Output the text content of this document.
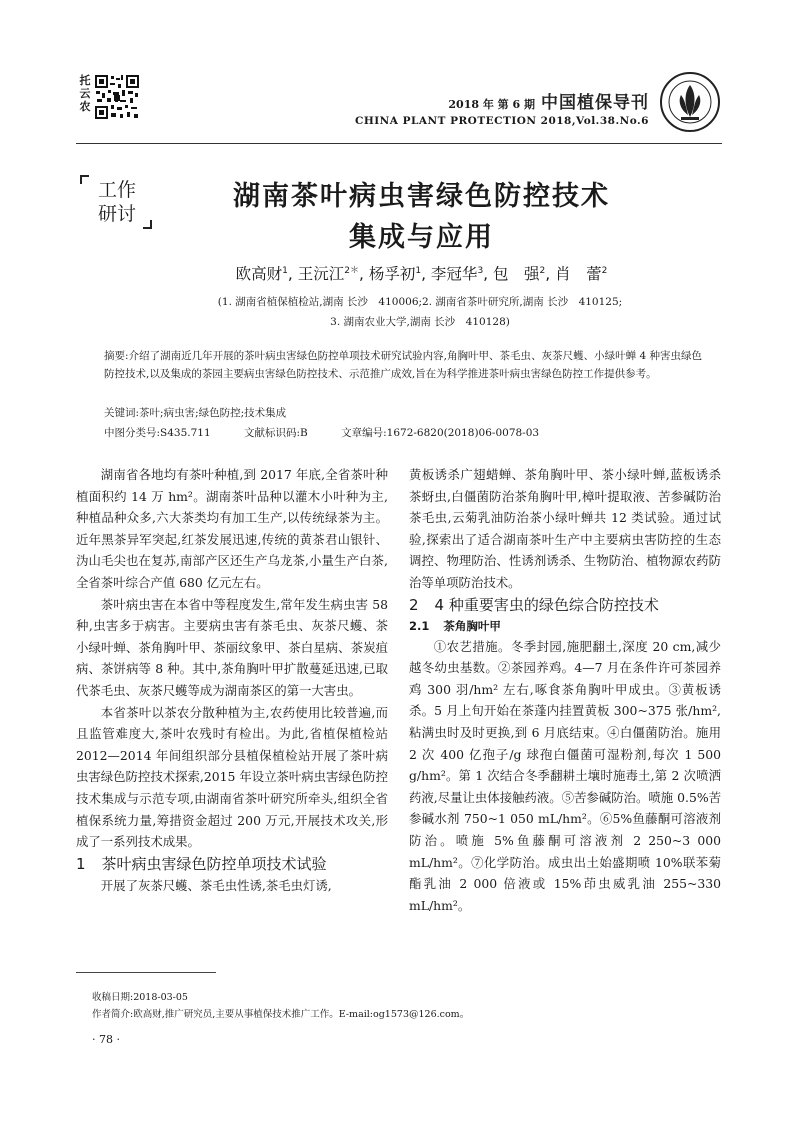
托云农	2018 年 第 6 期 中国植保导刊
CHINA PLANT PROTECTION 2018,Vol.38.No.6
工作
研讨
湖南茶叶病虫害绿色防控技术
集成与应用
欧高财$^1$, 王沅江$^{2*}$, 杨孚初$^1$, 李冠华$^3$, 包　强$^2$, 肖　蕾$^2$
(1. 湖南省植保植检站,湖南 长沙　410006;2. 湖南省茶叶研究所,湖南 长沙　410125;
3. 湖南农业大学,湖南 长沙　410128)
摘要:介绍了湖南近几年开展的茶叶病虫害绿色防控单项技术研究试验内容,角胸叶甲、茶毛虫、灰茶尺蠖、小绿叶蝉 4 种害虫绿色防控技术,以及集成的茶园主要病虫害绿色防控技术、示范推广成效,旨在为科学推进茶叶病虫害绿色防控工作提供参考。
关键词:茶叶;病虫害;绿色防控;技术集成
中图分类号:S435.711	文献标识码:B	文章编号:1672-6820(2018)06-0078-03

湖南省各地均有茶叶种植,到 2017 年底,全省茶叶种植面积约 14 万 hm²。湖南茶叶品种以灌木小叶种为主,种植品种众多,六大茶类均有加工生产,以传统绿茶为主。近年黑茶异军突起,红茶发展迅速,传统的黄茶君山银针、沩山毛尖也在复苏,南部产区还生产乌龙茶,小量生产白茶,全省茶叶综合产值 680 亿元左右。

茶叶病虫害在本省中等程度发生,常年发生病虫害 58 种,虫害多于病害。主要病虫害有茶毛虫、灰茶尺蠖、茶小绿叶蝉、茶角胸叶甲、茶丽纹象甲、茶白星病、茶炭疽病、茶饼病等 8 种。其中,茶角胸叶甲扩散蔓延迅速,已取代茶毛虫、灰茶尺蠖等成为湖南茶区的第一大害虫。

本省茶叶以茶农分散种植为主,农药使用比较普遍,而且监管难度大,茶叶农残时有检出。为此,省植保植检站 2012—2014 年间组织部分县植保植检站开展了茶叶病虫害绿色防控技术探索,2015 年设立茶叶病虫害绿色防控技术集成与示范专项,由湖南省茶叶研究所牵头,组织全省植保系统力量,筹措资金超过 200 万元,开展技术攻关,形成了一系列技术成果。

1 茶叶病虫害绿色防控单项技术试验

开展了灰茶尺蠖、茶毛虫性诱,茶毛虫灯诱,

黄板诱杀广翅蜡蝉、茶角胸叶甲、茶小绿叶蝉,蓝板诱杀茶蚜虫,白僵菌防治茶角胸叶甲,樟叶提取液、苦参碱防治茶毛虫,云菊乳油防治茶小绿叶蝉共 12 类试验。通过试验,探索出了适合湖南茶叶生产中主要病虫害防控的生态调控、物理防治、性诱剂诱杀、生物防治、植物源农药防治等单项防治技术。

2 4 种重要害虫的绿色综合防控技术

2.1 茶角胸叶甲

①农艺措施。冬季封园,施肥翻土,深度 20 cm,减少越冬幼虫基数。②茶园养鸡。4—7 月在条件许可茶园养鸡 300 羽/hm² 左右,啄食茶角胸叶甲成虫。③黄板诱杀。5 月上旬开始在茶蓬内挂置黄板 300~375 张/hm²,粘满虫时及时更换,到 6 月底结束。④白僵菌防治。施用 2 次 400 亿孢子/g 球孢白僵菌可湿粉剂,每次 1 500 g/hm²。第 1 次结合冬季翻耕土壤时施毒土,第 2 次喷洒药液,尽量让虫体接触药液。⑤苦参碱防治。喷施 0.5%苦参碱水剂 750~1 050 mL/hm²。⑥5%鱼藤酮可溶液剂防治。喷施 5%鱼藤酮可溶液剂 2 250~3 000 mL/hm²。⑦化学防治。成虫出土始盛期喷 10%联苯菊酯乳油 2 000 倍液或 15%茚虫威乳油 255~330 mL/hm²。

收稿日期:2018-03-05
作者简介:欧高财,推广研究员,主要从事植保技术推广工作。E-mail:og1573@126.com。
· 78 ·
